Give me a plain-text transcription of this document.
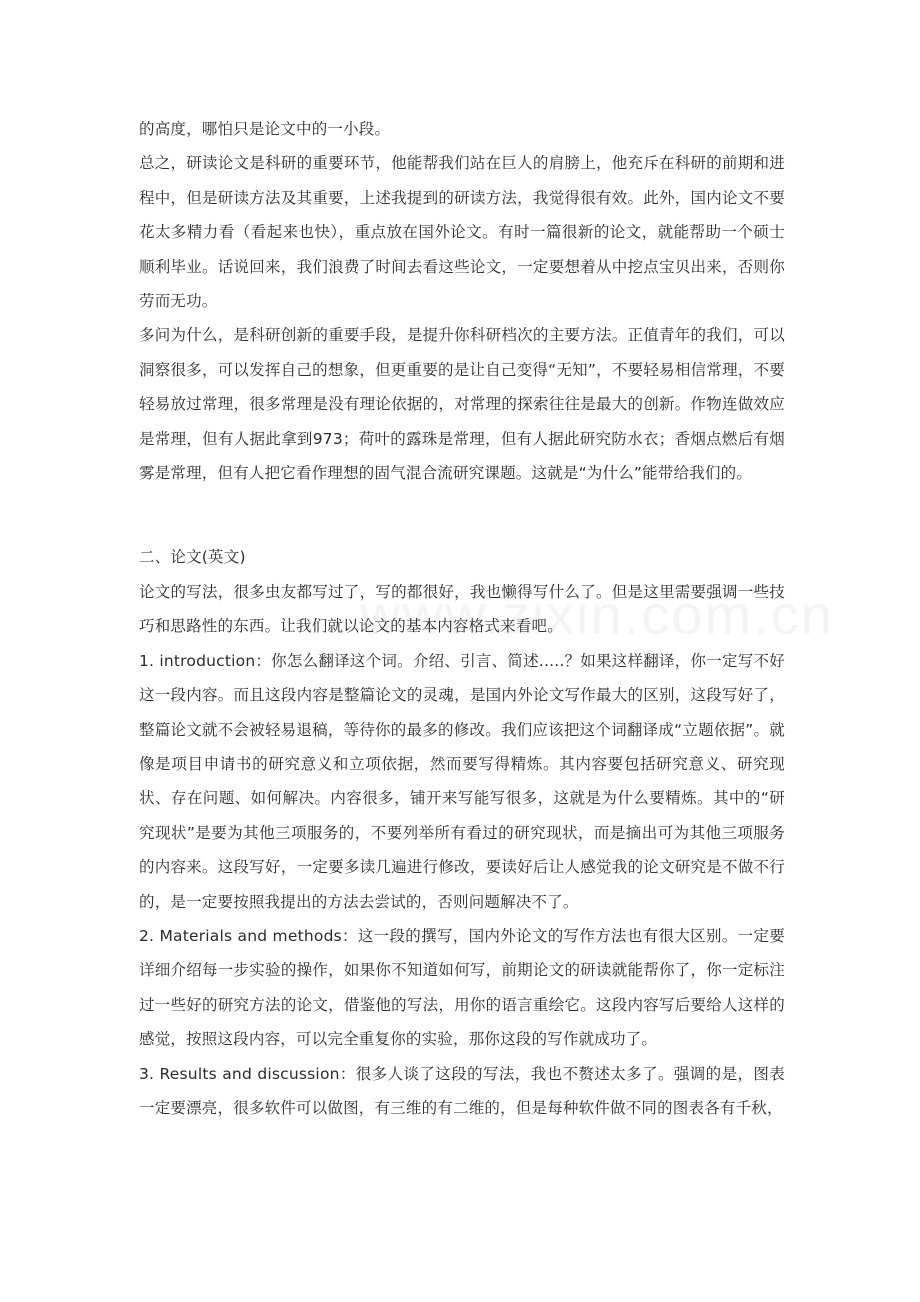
的高度，哪怕只是论文中的一小段。

总之，研读论文是科研的重要环节，他能帮我们站在巨人的肩膀上，他充斥在科研的前期和进程中，但是研读方法及其重要，上述我提到的研读方法，我觉得很有效。此外，国内论文不要花太多精力看（看起来也快），重点放在国外论文。有时一篇很新的论文，就能帮助一个硕士顺利毕业。话说回来，我们浪费了时间去看这些论文，一定要想着从中挖点宝贝出来，否则你劳而无功。

多问为什么，是科研创新的重要手段，是提升你科研档次的主要方法。正值青年的我们，可以洞察很多，可以发挥自己的想象，但更重要的是让自己变得“无知”，不要轻易相信常理，不要轻易放过常理，很多常理是没有理论依据的，对常理的探索往往是最大的创新。作物连做效应是常理，但有人据此拿到973；荷叶的露珠是常理，但有人据此研究防水衣；香烟点燃后有烟雾是常理，但有人把它看作理想的固气混合流研究课题。这就是“为什么”能带给我们的。

二、论文(英文)

论文的写法，很多虫友都写过了，写的都很好，我也懒得写什么了。但是这里需要强调一些技巧和思路性的东西。让我们就以论文的基本内容格式来看吧。

1. introduction：你怎么翻译这个词。介绍、引言、简述.....？如果这样翻译，你一定写不好这一段内容。而且这段内容是整篇论文的灵魂，是国内外论文写作最大的区别，这段写好了，整篇论文就不会被轻易退稿，等待你的最多的修改。我们应该把这个词翻译成“立题依据”。就像是项目申请书的研究意义和立项依据，然而要写得精炼。其内容要包括研究意义、研究现状、存在问题、如何解决。内容很多，铺开来写能写很多，这就是为什么要精炼。其中的“研究现状”是要为其他三项服务的，不要列举所有看过的研究现状，而是摘出可为其他三项服务的内容来。这段写好，一定要多读几遍进行修改，要读好后让人感觉我的论文研究是不做不行的，是一定要按照我提出的方法去尝试的，否则问题解决不了。

2. Materials and methods：这一段的撰写，国内外论文的写作方法也有很大区别。一定要详细介绍每一步实验的操作，如果你不知道如何写，前期论文的研读就能帮你了，你一定标注过一些好的研究方法的论文，借鉴他的写法，用你的语言重绘它。这段内容写后要给人这样的感觉，按照这段内容，可以完全重复你的实验，那你这段的写作就成功了。

3. Results and discussion：很多人谈了这段的写法，我也不赘述太多了。强调的是，图表一定要漂亮，很多软件可以做图，有三维的有二维的，但是每种软件做不同的图表各有千秋，
